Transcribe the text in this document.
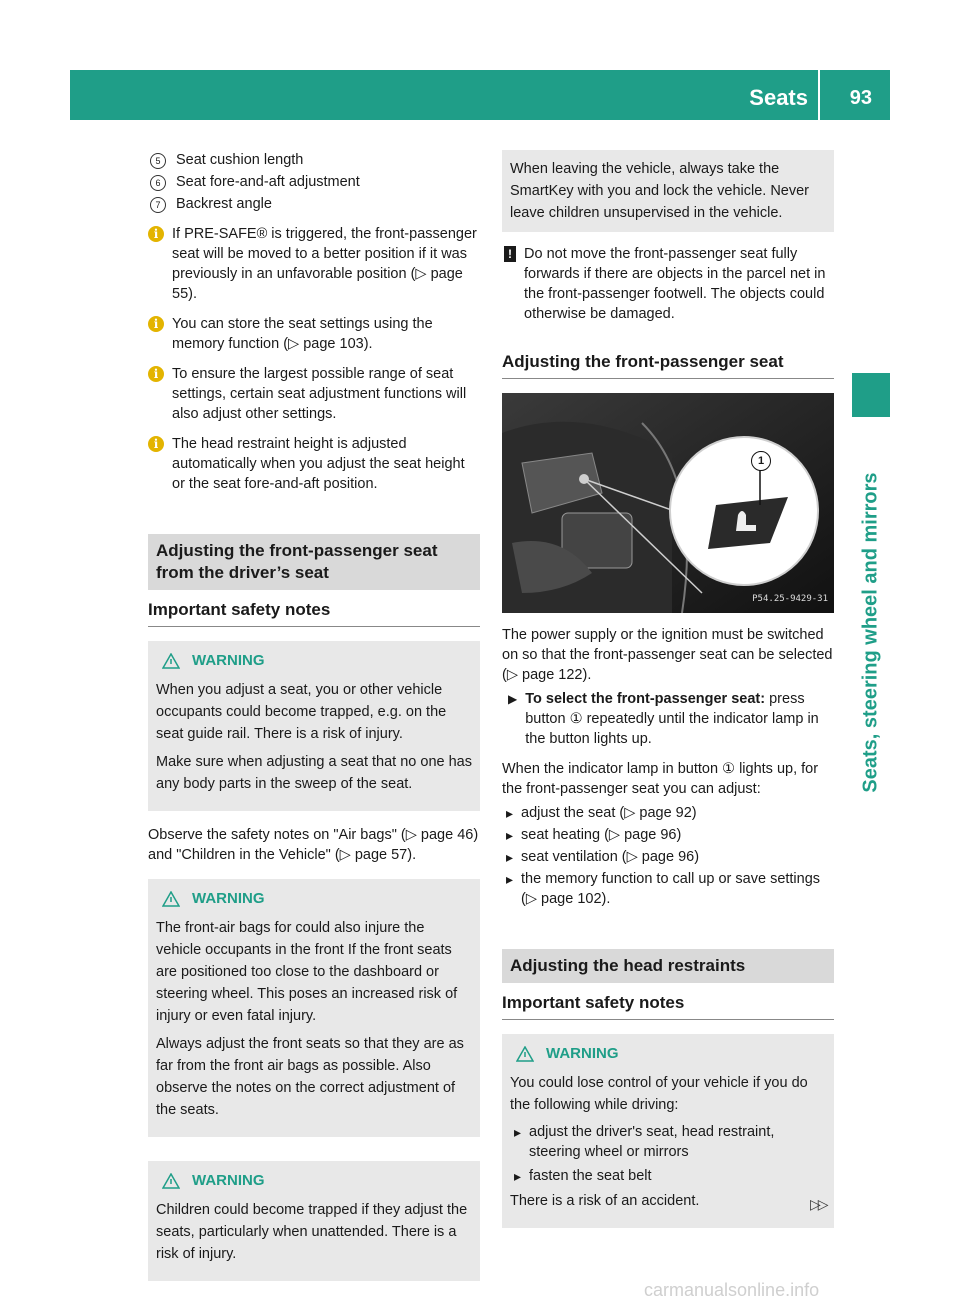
Seats	93
Seats, steering wheel and mirrors
5	Seat cushion length
6	Seat fore-and-aft adjustment
7	Backrest angle
i If PRE-SAFE® is triggered, the front-passenger seat will be moved to a better position if it was previously in an unfavorable position (▷ page 55).
i You can store the seat settings using the memory function (▷ page 103).
i To ensure the largest possible range of seat settings, certain seat adjustment functions will also adjust other settings.
i The head restraint height is adjusted automatically when you adjust the seat height or the seat fore-and-aft position.
Adjusting the front-passenger seat from the driver’s seat
Important safety notes
WARNING

When you adjust a seat, you or other vehicle occupants could become trapped, e.g. on the seat guide rail. There is a risk of injury.

Make sure when adjusting a seat that no one has any body parts in the sweep of the seat.

Observe the safety notes on "Air bags" (▷ page 46) and "Children in the Vehicle" (▷ page 57).

WARNING

The front-air bags for could also injure the vehicle occupants in the front If the front seats are positioned too close to the dashboard or steering wheel. This poses an increased risk of injury or even fatal injury.

Always adjust the front seats so that they are as far from the front air bags as possible. Also observe the notes on the correct adjustment of the seats.

WARNING

Children could become trapped if they adjust the seats, particularly when unattended. There is a risk of injury.

When leaving the vehicle, always take the SmartKey with you and lock the vehicle. Never leave children unsupervised in the vehicle.
! Do not move the front-passenger seat fully forwards if there are objects in the parcel net in the front-passenger footwell. The objects could otherwise be damaged.
Adjusting the front-passenger seat
1
P54.25-9429-31

The power supply or the ignition must be switched on so that the front-passenger seat can be selected (▷ page 122).

▶ To select the front-passenger seat: press button ① repeatedly until the indicator lamp in the button lights up.

When the indicator lamp in button ① lights up, for the front-passenger seat you can adjust:

▸ adjust the seat (▷ page 92)
▸ seat heating (▷ page 96)
▸ seat ventilation (▷ page 96)
▸ the memory function to call up or save settings (▷ page 102).
Adjusting the head restraints
Important safety notes
WARNING

You could lose control of your vehicle if you do the following while driving:

▸ adjust the driver's seat, head restraint, steering wheel or mirrors
▸ fasten the seat belt

There is a risk of an accident.	▷▷
carmanualsonline.info
